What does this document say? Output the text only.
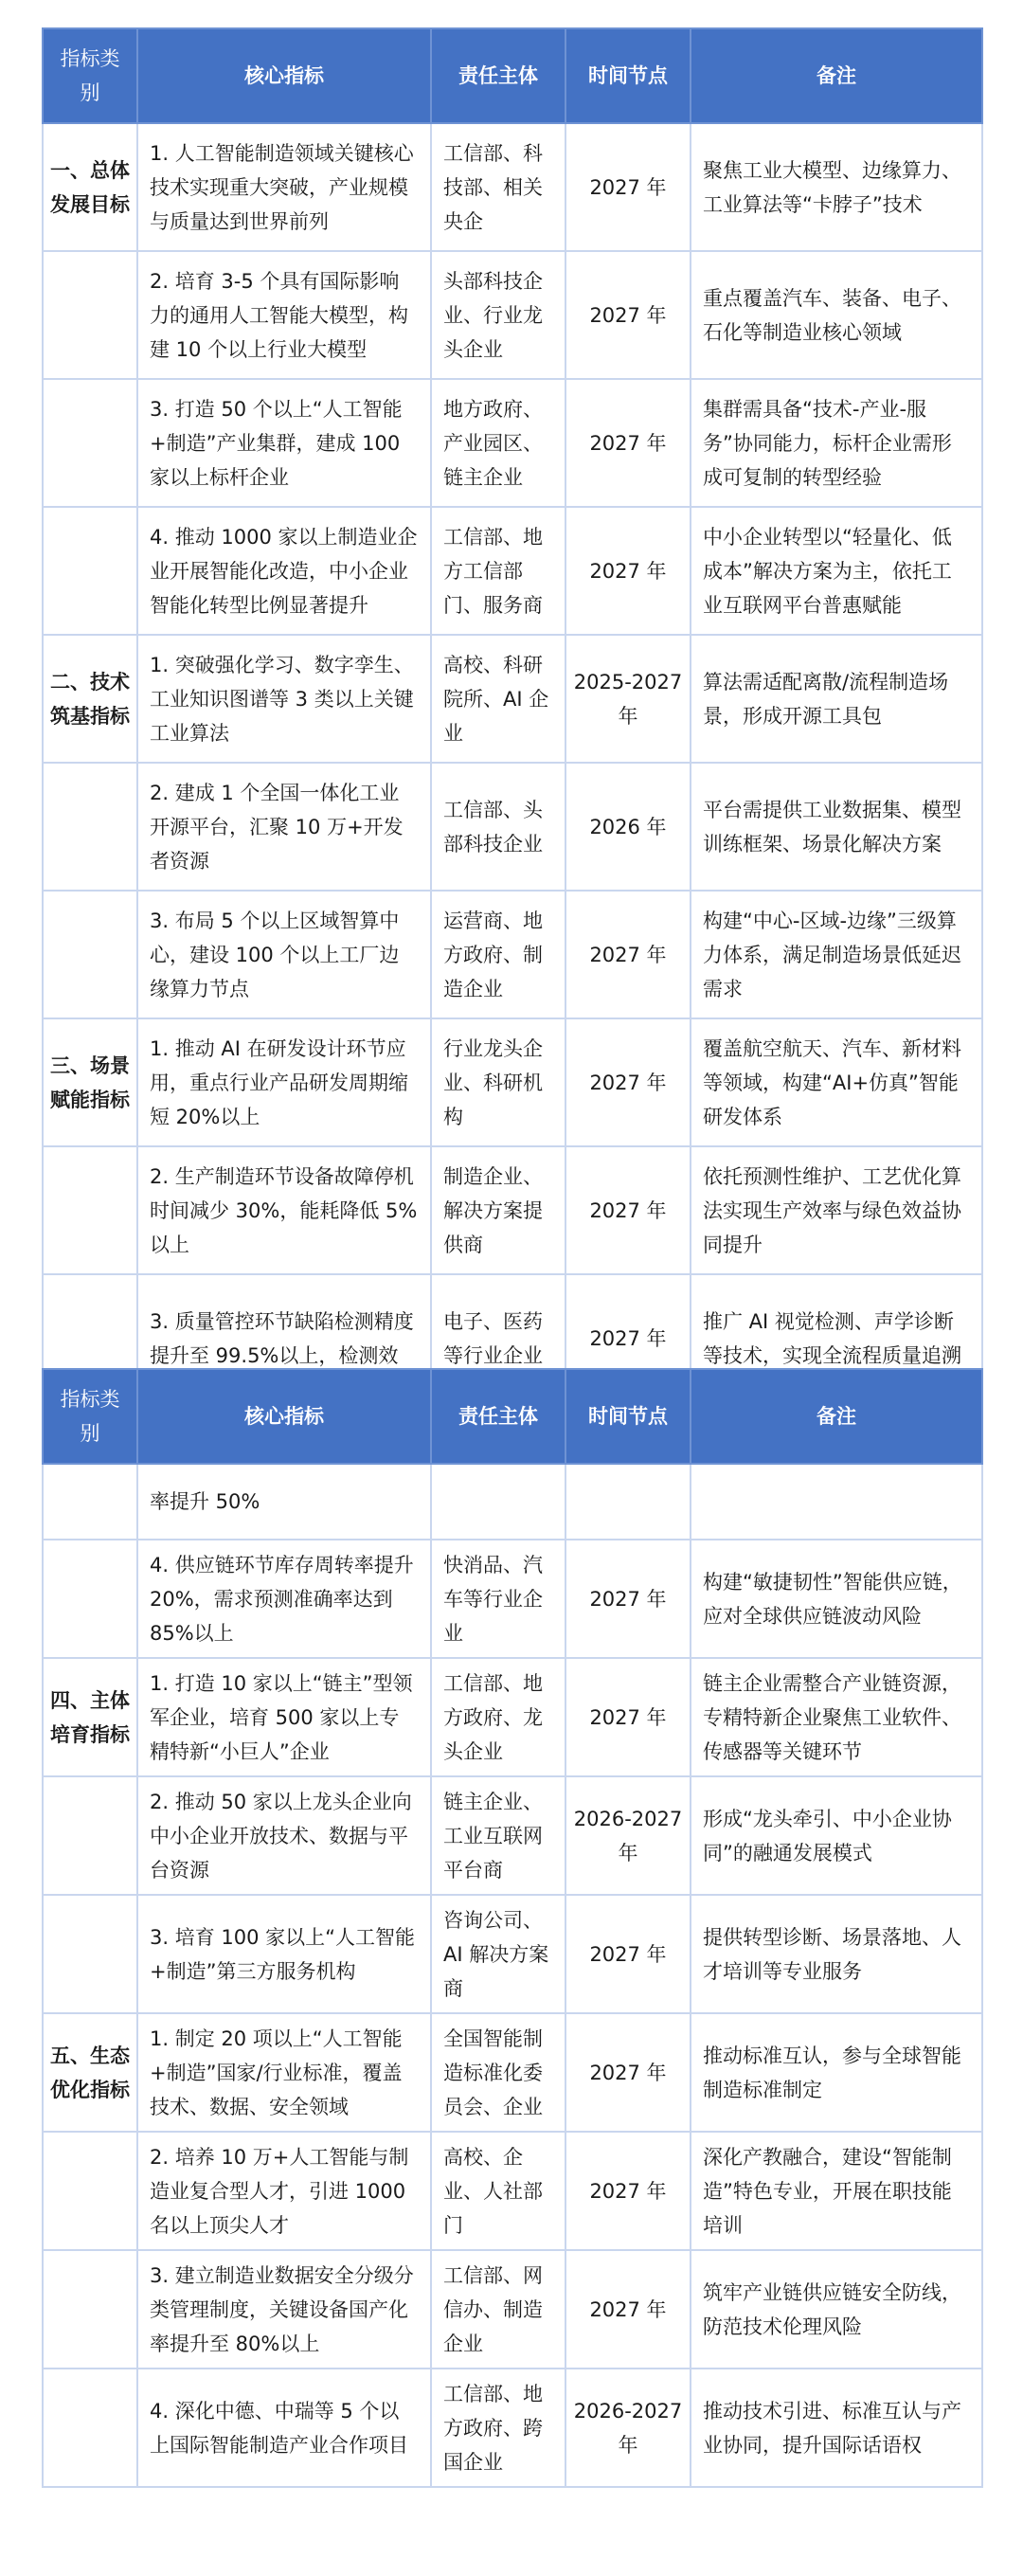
指标类别	核心指标	责任主体	时间节点	备注
一、总体发展目标	1. 人工智能制造领域关键核心技术实现重大突破，产业规模与质量达到世界前列	工信部、科技部、相关央企	2027 年	聚焦工业大模型、边缘算力、工业算法等“卡脖子”技术
	2. 培育 3-5 个具有国际影响力的通用人工智能大模型，构建 10 个以上行业大模型	头部科技企业、行业龙头企业	2027 年	重点覆盖汽车、装备、电子、石化等制造业核心领域
	3. 打造 50 个以上“人工智能+制造”产业集群，建成 100 家以上标杆企业	地方政府、产业园区、链主企业	2027 年	集群需具备“技术-产业-服务”协同能力，标杆企业需形成可复制的转型经验
	4. 推动 1000 家以上制造业企业开展智能化改造，中小企业智能化转型比例显著提升	工信部、地方工信部门、服务商	2027 年	中小企业转型以“轻量化、低成本”解决方案为主，依托工业互联网平台普惠赋能
二、技术筑基指标	1. 突破强化学习、数字孪生、工业知识图谱等 3 类以上关键工业算法	高校、科研院所、AI 企业	2025-2027 年	算法需适配离散/流程制造场景，形成开源工具包
	2. 建成 1 个全国一体化工业开源平台，汇聚 10 万+开发者资源	工信部、头部科技企业	2026 年	平台需提供工业数据集、模型训练框架、场景化解决方案
	3. 布局 5 个以上区域智算中心，建设 100 个以上工厂边缘算力节点	运营商、地方政府、制造企业	2027 年	构建“中心-区域-边缘”三级算力体系，满足制造场景低延迟需求
三、场景赋能指标	1. 推动 AI 在研发设计环节应用，重点行业产品研发周期缩短 20%以上	行业龙头企业、科研机构	2027 年	覆盖航空航天、汽车、新材料等领域，构建“AI+仿真”智能研发体系
	2. 生产制造环节设备故障停机时间减少 30%，能耗降低 5%以上	制造企业、解决方案提供商	2027 年	依托预测性维护、工艺优化算法实现生产效率与绿色效益协同提升
	3. 质量管控环节缺陷检测精度提升至 99.5%以上，检测效	电子、医药等行业企业	2027 年	推广 AI 视觉检测、声学诊断等技术，实现全流程质量追溯
指标类别	核心指标	责任主体	时间节点	备注
	率提升 50%			
	4. 供应链环节库存周转率提升 20%，需求预测准确率达到 85%以上	快消品、汽车等行业企业	2027 年	构建“敏捷韧性”智能供应链，应对全球供应链波动风险
四、主体培育指标	1. 打造 10 家以上“链主”型领军企业，培育 500 家以上专精特新“小巨人”企业	工信部、地方政府、龙头企业	2027 年	链主企业需整合产业链资源，专精特新企业聚焦工业软件、传感器等关键环节
	2. 推动 50 家以上龙头企业向中小企业开放技术、数据与平台资源	链主企业、工业互联网平台商	2026-2027 年	形成“龙头牵引、中小企业协同”的融通发展模式
	3. 培育 100 家以上“人工智能+制造”第三方服务机构	咨询公司、AI 解决方案商	2027 年	提供转型诊断、场景落地、人才培训等专业服务
五、生态优化指标	1. 制定 20 项以上“人工智能+制造”国家/行业标准，覆盖技术、数据、安全领域	全国智能制造标准化委员会、企业	2027 年	推动标准互认，参与全球智能制造标准制定
	2. 培养 10 万+人工智能与制造业复合型人才，引进 1000 名以上顶尖人才	高校、企业、人社部门	2027 年	深化产教融合，建设“智能制造”特色专业，开展在职技能培训
	3. 建立制造业数据安全分级分类管理制度，关键设备国产化率提升至 80%以上	工信部、网信办、制造企业	2027 年	筑牢产业链供应链安全防线，防范技术伦理风险
	4. 深化中德、中瑞等 5 个以上国际智能制造产业合作项目	工信部、地方政府、跨国企业	2026-2027 年	推动技术引进、标准互认与产业协同，提升国际话语权
